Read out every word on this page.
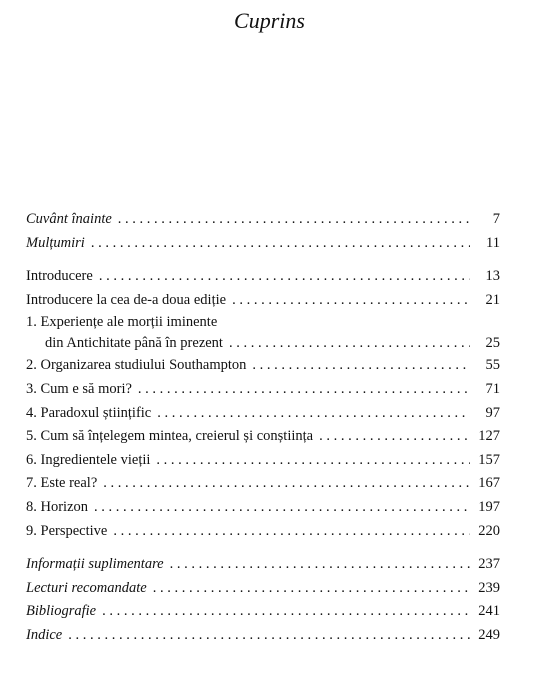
Cuprins
Cuvânt înainte . . .	7
Mulțumiri . . .	11
Introducere . . .	13
Introducere la cea de-a doua ediție . . .	21
1. Experiențe ale morții iminente
din Antichitate până în prezent . . .	25
2. Organizarea studiului Southampton . . .	55
3. Cum e să mori? . . .	71
4. Paradoxul științific . . .	97
5. Cum să înțelegem mintea, creierul și conștiința . . .	127
6. Ingredientele vieții . . .	157
7. Este real? . . .	167
8. Horizon . . .	197
9. Perspective . . .	220
Informații suplimentare . . .	237
Lecturi recomandate . . .	239
Bibliografie . . .	241
Indice . . .	249
